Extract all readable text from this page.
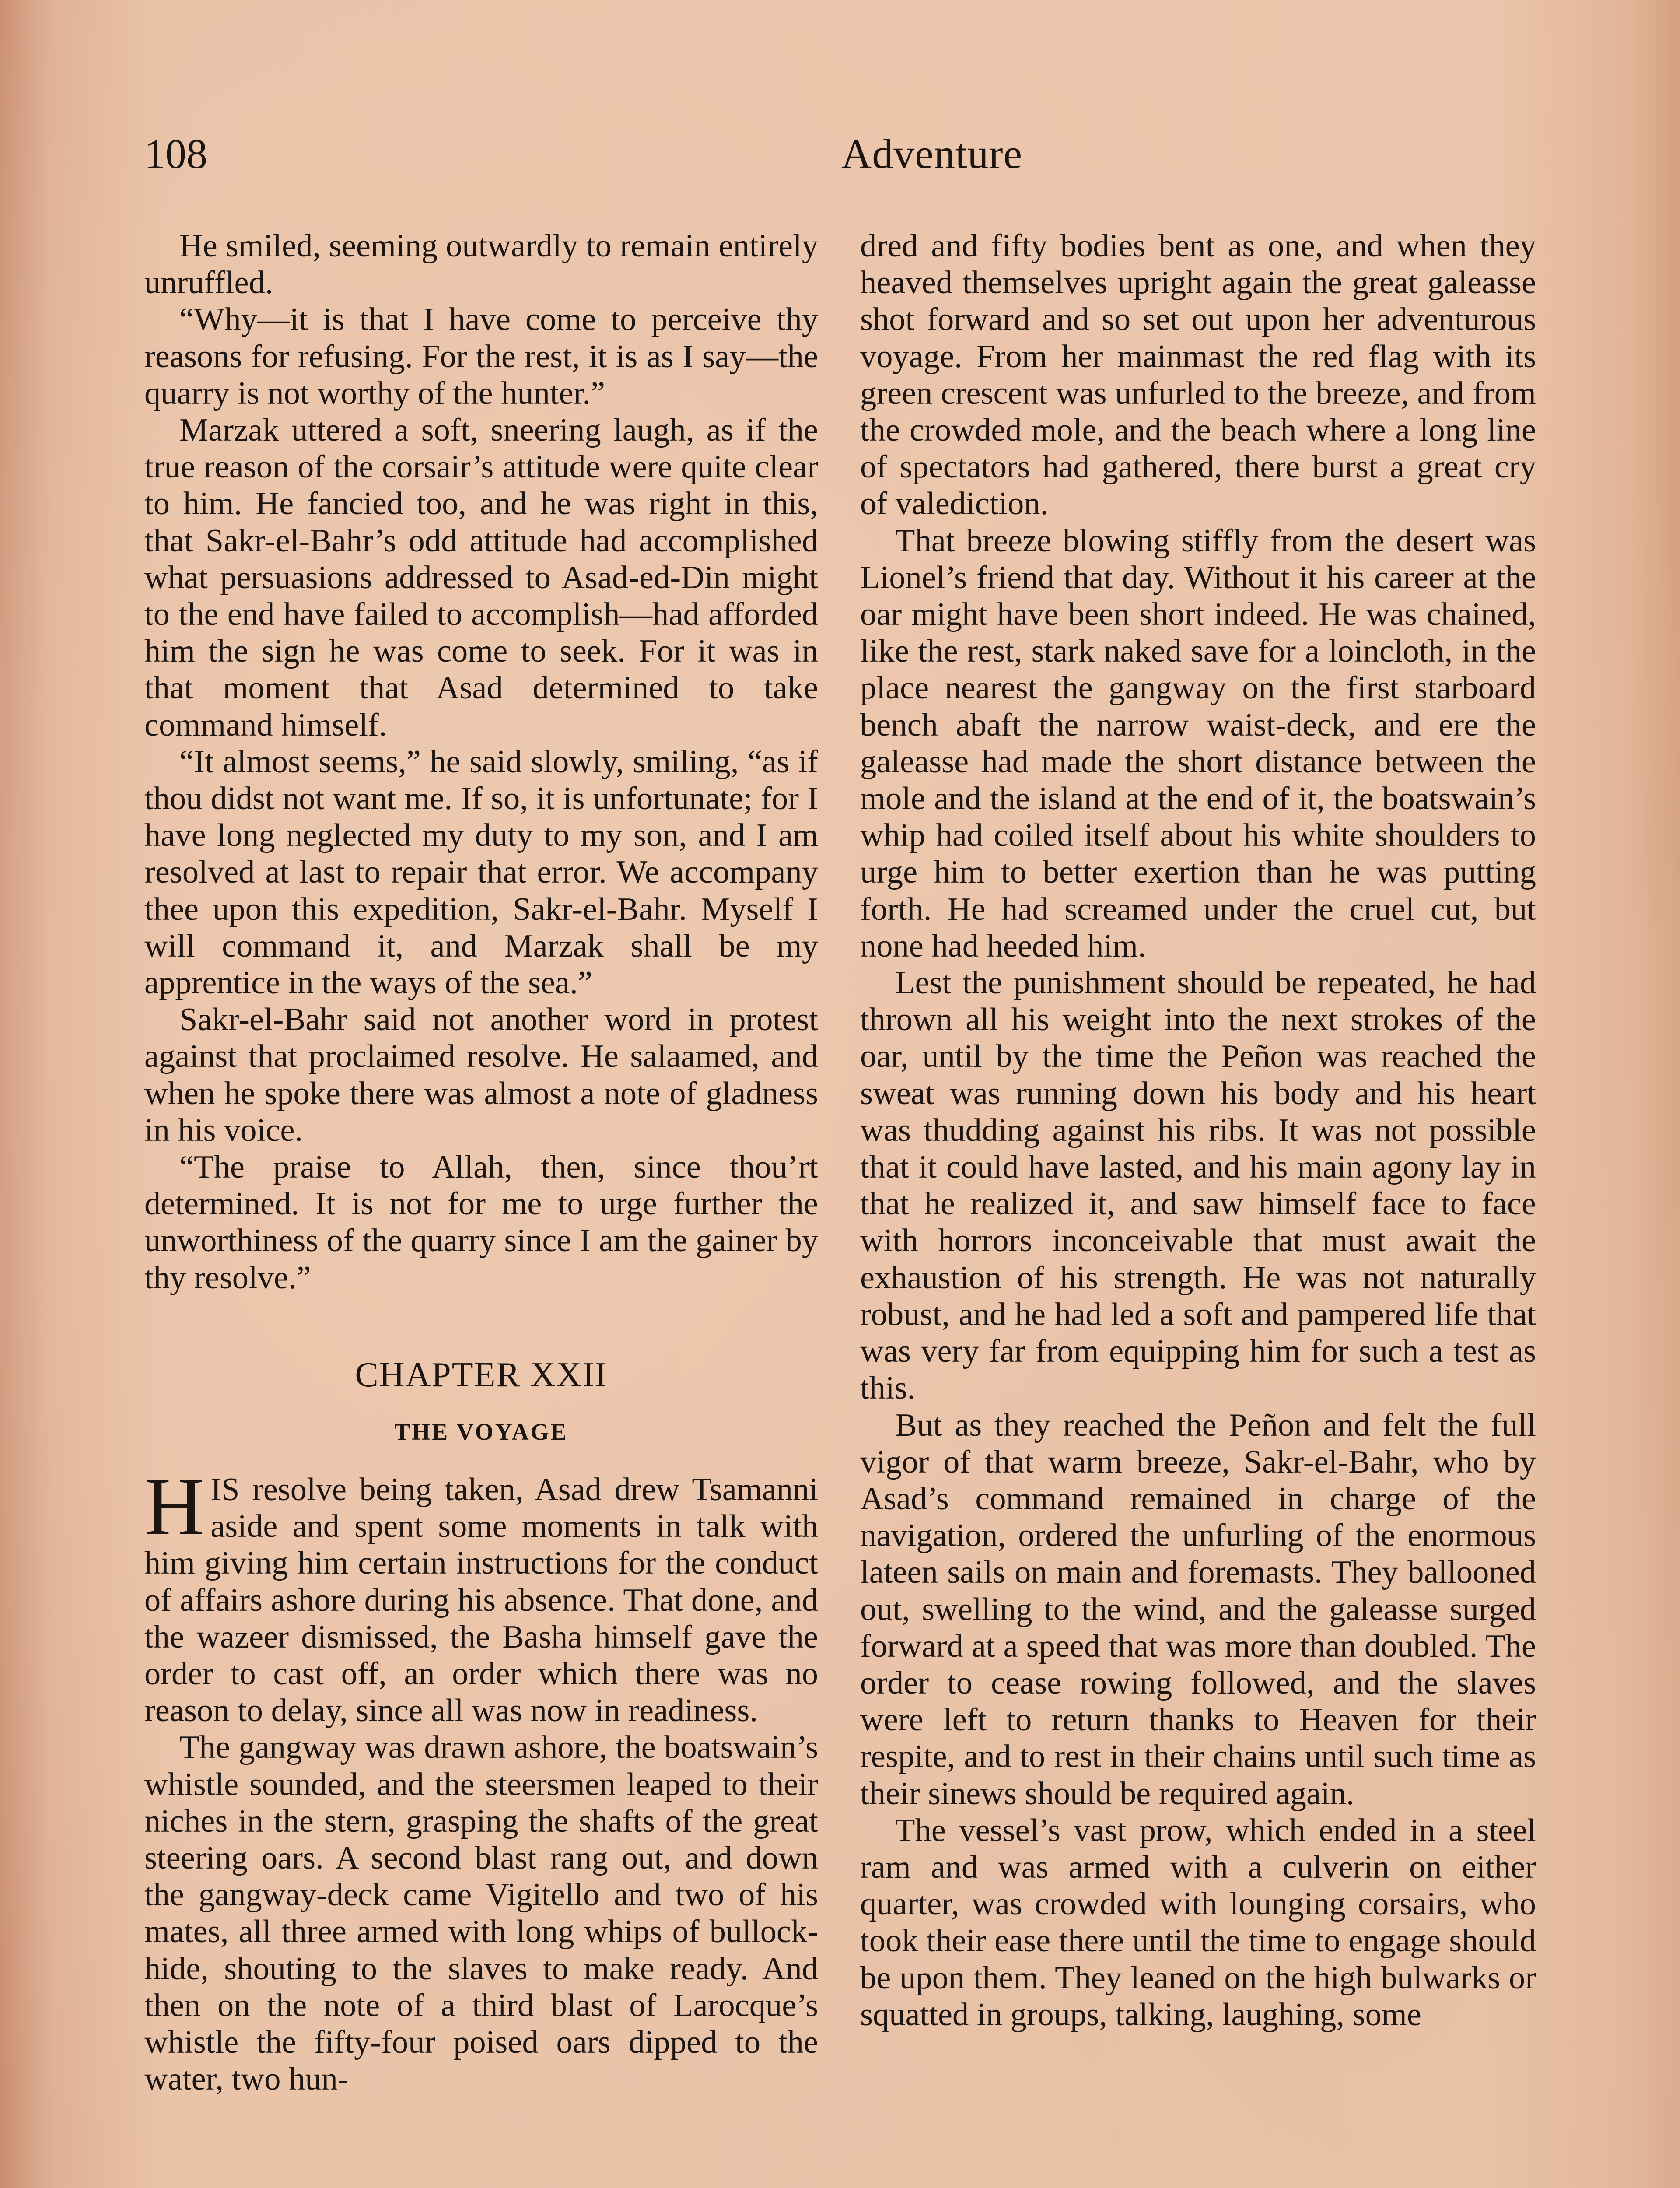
108	Adventure

He smiled, seeming outwardly to remain entirely unruffled.

“Why—it is that I have come to perceive thy reasons for refusing. For the rest, it is as I say—the quarry is not worthy of the hunter.”

Marzak uttered a soft, sneering laugh, as if the true reason of the corsair’s attitude were quite clear to him. He fancied too, and he was right in this, that Sakr-el-Bahr’s odd attitude had accomplished what persuasions addressed to Asad-ed-Din might to the end have failed to accomplish—had afforded him the sign he was come to seek. For it was in that moment that Asad determined to take command himself.

“It almost seems,” he said slowly, smiling, “as if thou didst not want me. If so, it is unfortunate; for I have long neglected my duty to my son, and I am resolved at last to repair that error. We accompany thee upon this expedition, Sakr-el-Bahr. Myself I will command it, and Marzak shall be my apprentice in the ways of the sea.”

Sakr-el-Bahr said not another word in protest against that proclaimed resolve. He salaamed, and when he spoke there was almost a note of gladness in his voice.

“The praise to Allah, then, since thou’rt determined. It is not for me to urge further the unworthiness of the quarry since I am the gainer by thy resolve.”

CHAPTER XXII
THE VOYAGE

HIS resolve being taken, Asad drew Tsamanni aside and spent some moments in talk with him giving him certain instructions for the conduct of affairs ashore during his absence. That done, and the wazeer dismissed, the Basha himself gave the order to cast off, an order which there was no reason to delay, since all was now in readiness.

The gangway was drawn ashore, the boatswain’s whistle sounded, and the steersmen leaped to their niches in the stern, grasping the shafts of the great steering oars. A second blast rang out, and down the gangway-deck came Vigitello and two of his mates, all three armed with long whips of bullock-hide, shouting to the slaves to make ready. And then on the note of a third blast of Larocque’s whistle the fifty-four poised oars dipped to the water, two hun-

dred and fifty bodies bent as one, and when they heaved themselves upright again the great galeasse shot forward and so set out upon her adventurous voyage. From her mainmast the red flag with its green crescent was unfurled to the breeze, and from the crowded mole, and the beach where a long line of spectators had gathered, there burst a great cry of valediction.

That breeze blowing stiffly from the desert was Lionel’s friend that day. Without it his career at the oar might have been short indeed. He was chained, like the rest, stark naked save for a loincloth, in the place nearest the gangway on the first starboard bench abaft the narrow waist-deck, and ere the galeasse had made the short distance between the mole and the island at the end of it, the boatswain’s whip had coiled itself about his white shoulders to urge him to better exertion than he was putting forth. He had screamed under the cruel cut, but none had heeded him.

Lest the punishment should be repeated, he had thrown all his weight into the next strokes of the oar, until by the time the Peñon was reached the sweat was running down his body and his heart was thudding against his ribs. It was not possible that it could have lasted, and his main agony lay in that he realized it, and saw himself face to face with horrors inconceivable that must await the exhaustion of his strength. He was not naturally robust, and he had led a soft and pampered life that was very far from equipping him for such a test as this.

But as they reached the Peñon and felt the full vigor of that warm breeze, Sakr-el-Bahr, who by Asad’s command remained in charge of the navigation, ordered the unfurling of the enormous lateen sails on main and foremasts. They ballooned out, swelling to the wind, and the galeasse surged forward at a speed that was more than doubled. The order to cease rowing followed, and the slaves were left to return thanks to Heaven for their respite, and to rest in their chains until such time as their sinews should be required again.

The vessel’s vast prow, which ended in a steel ram and was armed with a culverin on either quarter, was crowded with lounging corsairs, who took their ease there until the time to engage should be upon them. They leaned on the high bulwarks or squatted in groups, talking, laughing, some
